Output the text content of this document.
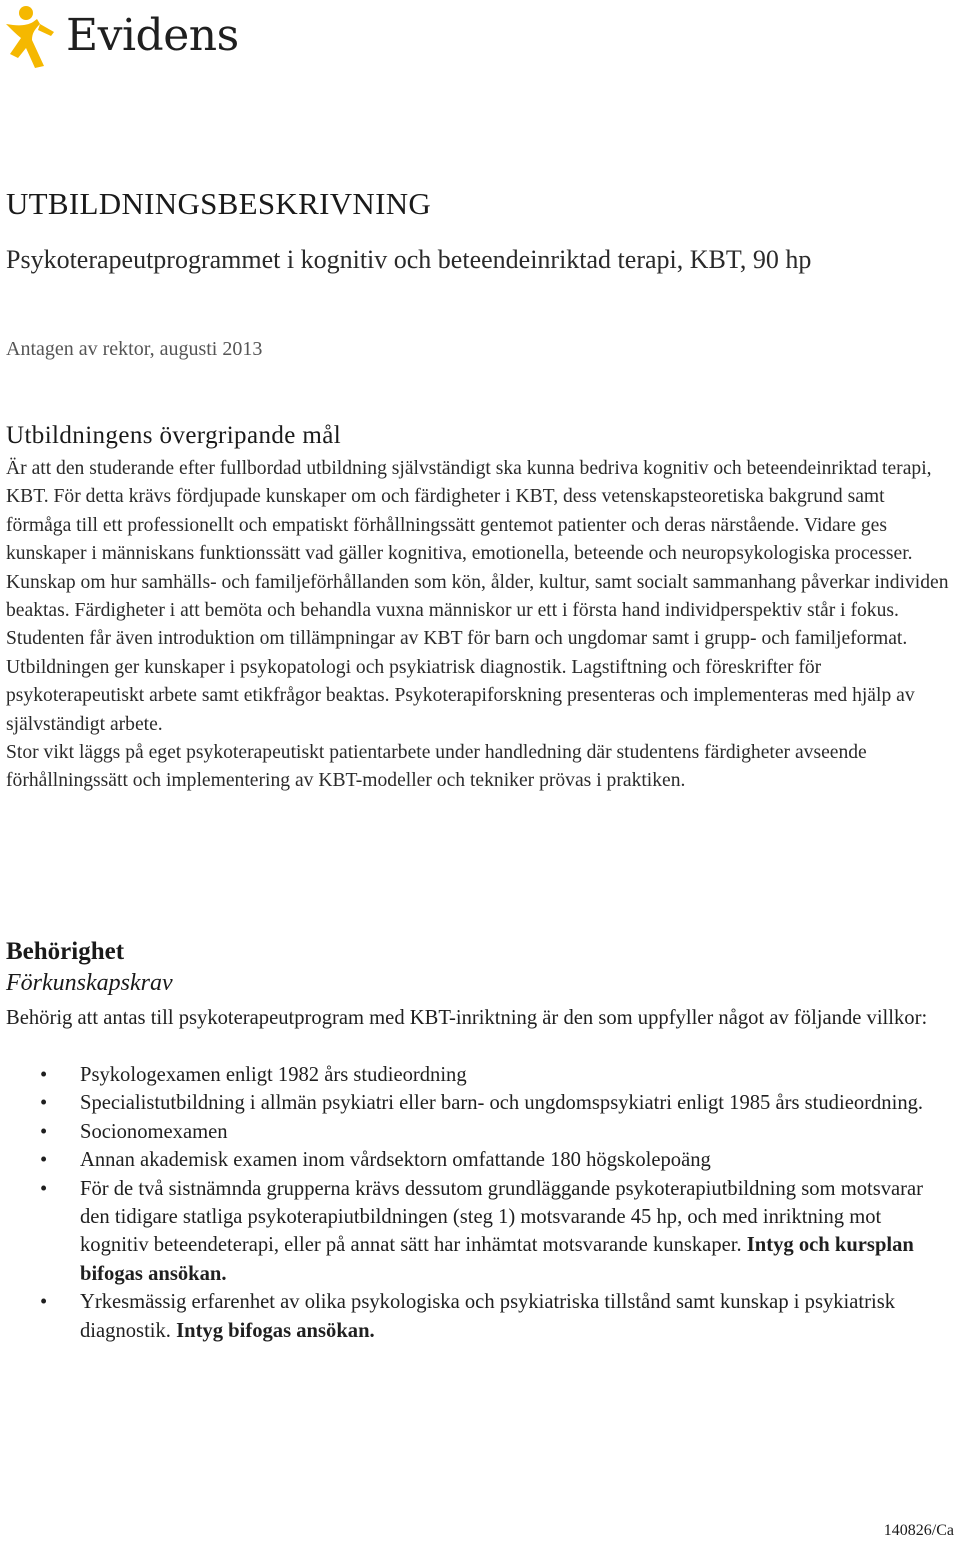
Evidens
UTBILDNINGSBESKRIVNING
Psykoterapeutprogrammet i kognitiv och beteendeinriktad terapi, KBT, 90 hp

Antagen av rektor, augusti 2013

Utbildningens övergripande mål

Är att den studerande efter fullbordad utbildning självständigt ska kunna bedriva kognitiv och beteendeinriktad terapi, KBT. För detta krävs fördjupade kunskaper om och färdigheter i KBT, dess vetenskapsteoretiska bakgrund samt förmåga till ett professionellt och empatiskt förhållningssätt gentemot patienter och deras närstående. Vidare ges kunskaper i människans funktionssätt vad gäller kognitiva, emotionella, beteende och neuropsykologiska processer. Kunskap om hur samhälls- och familjeförhållanden som kön, ålder, kultur, samt socialt sammanhang påverkar individen beaktas. Färdigheter i att bemöta och behandla vuxna människor ur ett i första hand individperspektiv står i fokus. Studenten får även introduktion om tillämpningar av KBT för barn och ungdomar samt i grupp- och familjeformat.

Utbildningen ger kunskaper i psykopatologi och psykiatrisk diagnostik. Lagstiftning och föreskrifter för psykoterapeutiskt arbete samt etikfrågor beaktas. Psykoterapiforskning presenteras och implementeras med hjälp av självständigt arbete.

Stor vikt läggs på eget psykoterapeutiskt patientarbete under handledning där studentens färdigheter avseende förhållningssätt och implementering av KBT-modeller och tekniker prövas i praktiken.

Behörighet
Förkunskapskrav

Behörig att antas till psykoterapeutprogram med KBT-inriktning är den som uppfyller något av följande villkor:

• Psykologexamen enligt 1982 års studieordning
• Specialistutbildning i allmän psykiatri eller barn- och ungdomspsykiatri enligt 1985 års studieordning.
• Socionomexamen
• Annan akademisk examen inom vårdsektorn omfattande 180 högskolepoäng
• För de två sistnämnda grupperna krävs dessutom grundläggande psykoterapiutbildning som motsvarar den tidigare statliga psykoterapiutbildningen (steg 1) motsvarande 45 hp, och med inriktning mot kognitiv beteendeterapi, eller på annat sätt har inhämtat motsvarande kunskaper. Intyg och kursplan bifogas ansökan.
• Yrkesmässig erfarenhet av olika psykologiska och psykiatriska tillstånd samt kunskap i psykiatrisk diagnostik. Intyg bifogas ansökan.

140826/Ca
